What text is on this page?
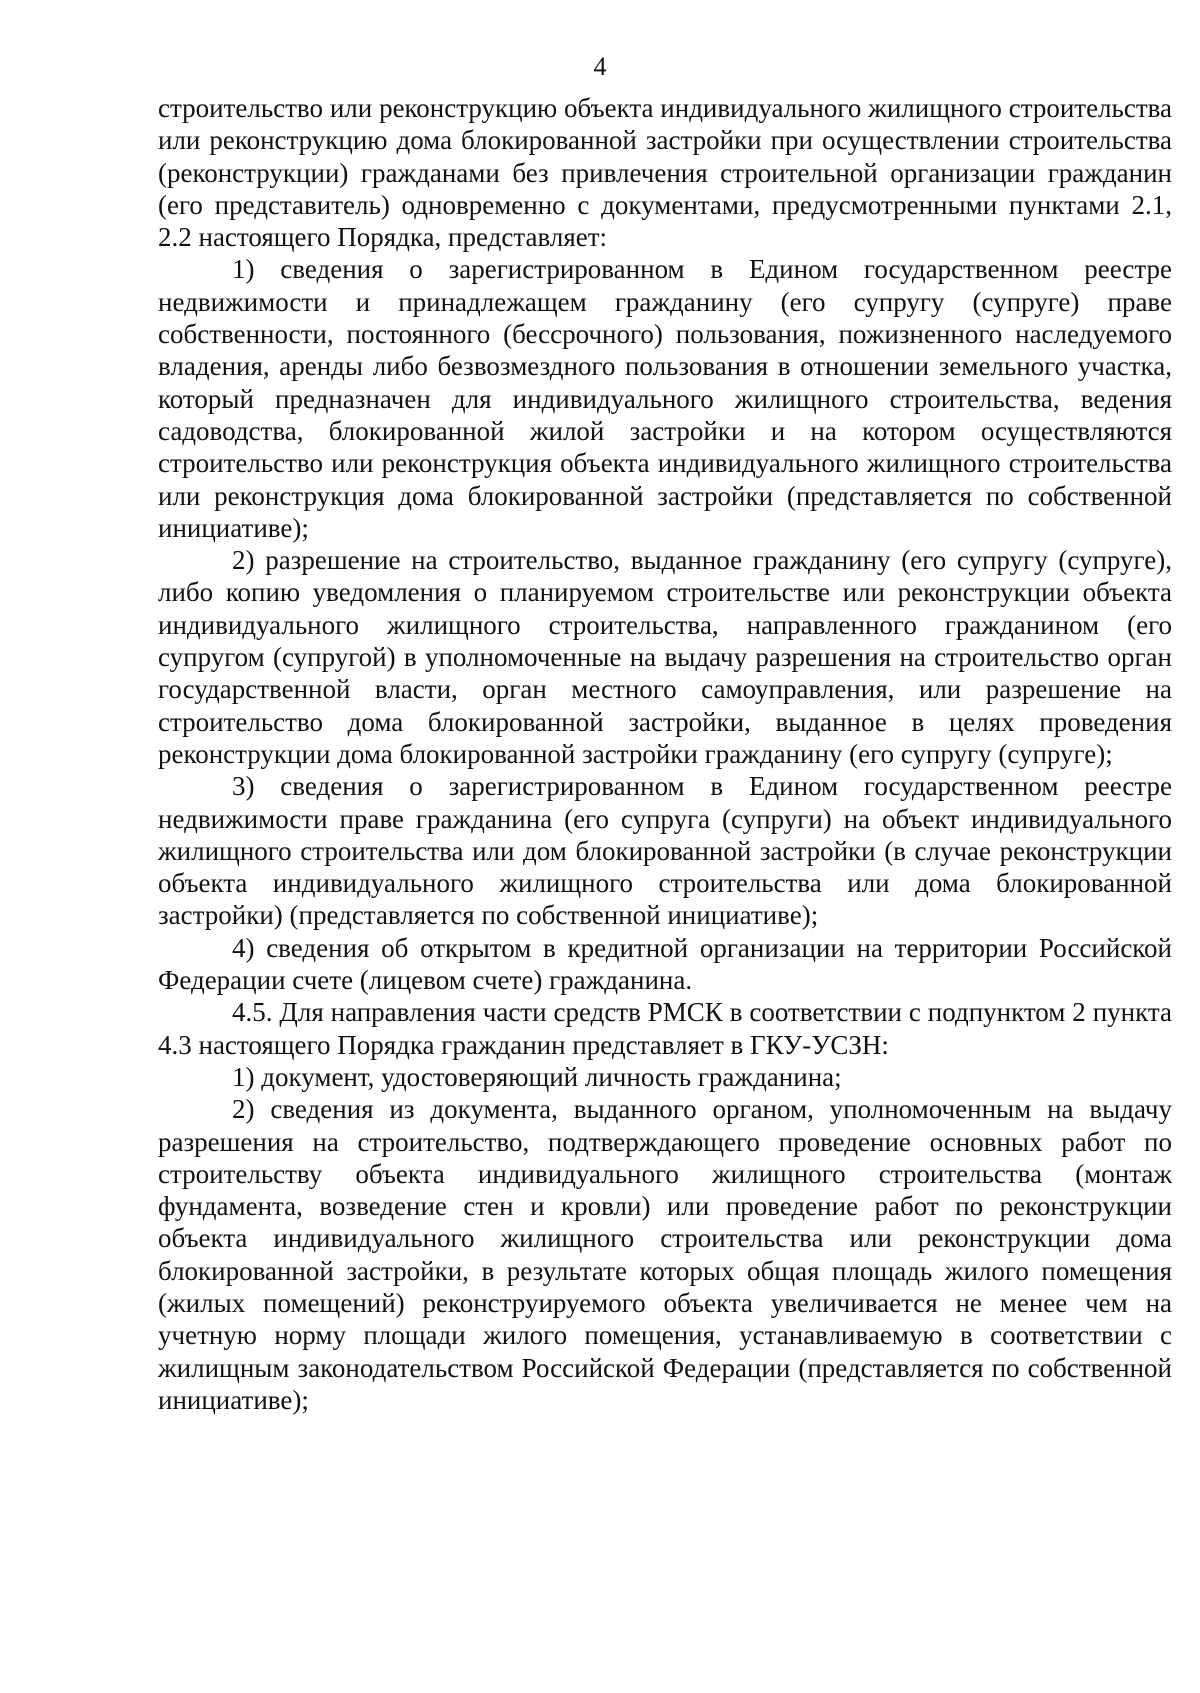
4

строительство или реконструкцию объекта индивидуального жилищного строительства или реконструкцию дома блокированной застройки при осуществлении строительства (реконструкции) гражданами без привлечения строительной организации гражданин (его представитель) одновременно с документами, предусмотренными пунктами 2.1, 2.2 настоящего Порядка, представляет:

1) сведения о зарегистрированном в Едином государственном реестре недвижимости и принадлежащем гражданину (его супругу (супруге) праве собственности, постоянного (бессрочного) пользования, пожизненного наследуемого владения, аренды либо безвозмездного пользования в отношении земельного участка, который предназначен для индивидуального жилищного строительства, ведения садоводства, блокированной жилой застройки и на котором осуществляются строительство или реконструкция объекта индивидуального жилищного строительства или реконструкция дома блокированной застройки (представляется по собственной инициативе);

2) разрешение на строительство, выданное гражданину (его супругу (супруге), либо копию уведомления о планируемом строительстве или реконструкции объекта индивидуального жилищного строительства, направленного гражданином (его супругом (супругой) в уполномоченные на выдачу разрешения на строительство орган государственной власти, орган местного самоуправления, или разрешение на строительство дома блокированной застройки, выданное в целях проведения реконструкции дома блокированной застройки гражданину (его супругу (супруге);

3) сведения о зарегистрированном в Едином государственном реестре недвижимости праве гражданина (его супруга (супруги) на объект индивидуального жилищного строительства или дом блокированной застройки (в случае реконструкции объекта индивидуального жилищного строительства или дома блокированной застройки) (представляется по собственной инициативе);

4) сведения об открытом в кредитной организации на территории Российской Федерации счете (лицевом счете) гражданина.

4.5. Для направления части средств РМСК в соответствии с подпунктом 2 пункта 4.3 настоящего Порядка гражданин представляет в ГКУ-УСЗН:

1) документ, удостоверяющий личность гражданина;

2) сведения из документа, выданного органом, уполномоченным на выдачу разрешения на строительство, подтверждающего проведение основных работ по строительству объекта индивидуального жилищного строительства (монтаж фундамента, возведение стен и кровли) или проведение работ по реконструкции объекта индивидуального жилищного строительства или реконструкции дома блокированной застройки, в результате которых общая площадь жилого помещения (жилых помещений) реконструируемого объекта увеличивается не менее чем на учетную норму площади жилого помещения, устанавливаемую в соответствии с жилищным законодательством Российской Федерации (представляется по собственной инициативе);
